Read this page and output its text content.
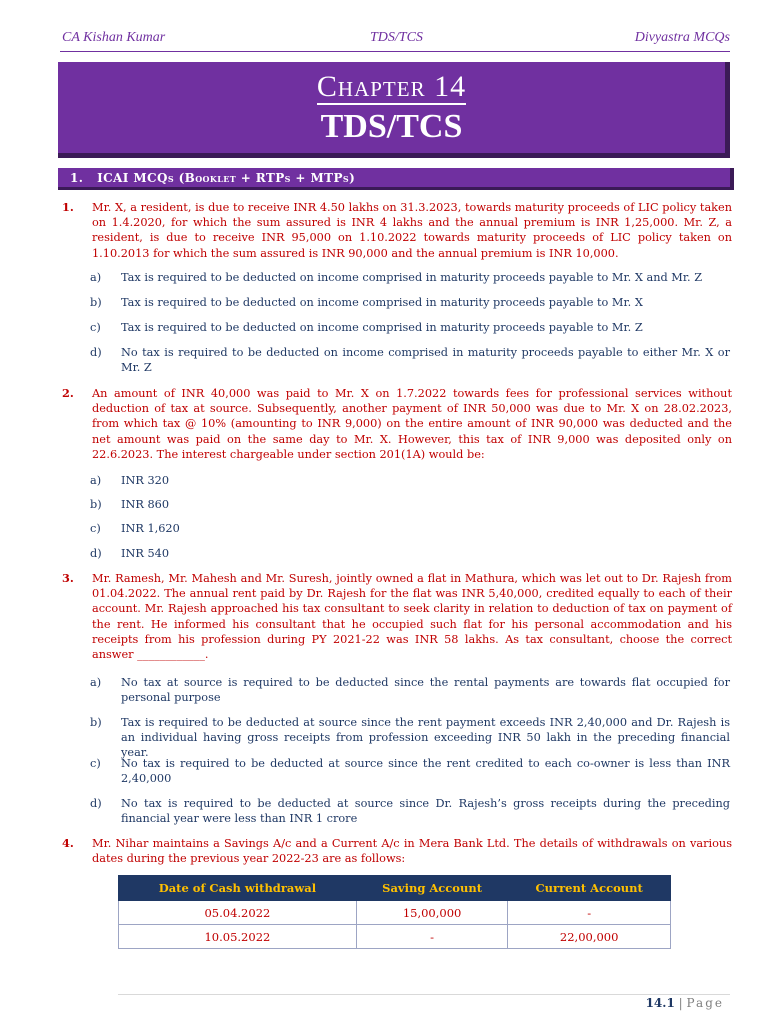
CA Kishan Kumar	TDS/TCS	Divyastra MCQs
Chapter 14
TDS/TCS
1. ICAI MCQs (Booklet + RTPs + MTPs)
1. Mr. X, a resident, is due to receive INR 4.50 lakhs on 31.3.2023, towards maturity proceeds of LIC policy taken on 1.4.2020, for which the sum assured is INR 4 lakhs and the annual premium is INR 1,25,000. Mr. Z, a resident, is due to receive INR 95,000 on 1.10.2022 towards maturity proceeds of LIC policy taken on 1.10.2013 for which the sum assured is INR 90,000 and the annual premium is INR 10,000.
a) Tax is required to be deducted on income comprised in maturity proceeds payable to Mr. X and Mr. Z
b) Tax is required to be deducted on income comprised in maturity proceeds payable to Mr. X
c) Tax is required to be deducted on income comprised in maturity proceeds payable to Mr. Z
d) No tax is required to be deducted on income comprised in maturity proceeds payable to either Mr. X or Mr. Z
2. An amount of INR 40,000 was paid to Mr. X on 1.7.2022 towards fees for professional services without deduction of tax at source. Subsequently, another payment of INR 50,000 was due to Mr. X on 28.02.2023, from which tax @ 10% (amounting to INR 9,000) on the entire amount of INR 90,000 was deducted and the net amount was paid on the same day to Mr. X. However, this tax of INR 9,000 was deposited only on 22.6.2023. The interest chargeable under section 201(1A) would be:
a) INR 320
b) INR 860
c) INR 1,620
d) INR 540
3. Mr. Ramesh, Mr. Mahesh and Mr. Suresh, jointly owned a flat in Mathura, which was let out to Dr. Rajesh from 01.04.2022. The annual rent paid by Dr. Rajesh for the flat was INR 5,40,000, credited equally to each of their account. Mr. Rajesh approached his tax consultant to seek clarity in relation to deduction of tax on payment of the rent. He informed his consultant that he occupied such flat for his personal accommodation and his receipts from his profession during PY 2021-22 was INR 58 lakhs. As tax consultant, choose the correct answer ____________.
a) No tax at source is required to be deducted since the rental payments are towards flat occupied for personal purpose
b) Tax is required to be deducted at source since the rent payment exceeds INR 2,40,000 and Dr. Rajesh is an individual having gross receipts from profession exceeding INR 50 lakh in the preceding financial year.
c) No tax is required to be deducted at source since the rent credited to each co-owner is less than INR 2,40,000
d) No tax is required to be deducted at source since Dr. Rajesh’s gross receipts during the preceding financial year were less than INR 1 crore
4. Mr. Nihar maintains a Savings A/c and a Current A/c in Mera Bank Ltd. The details of withdrawals on various dates during the previous year 2022-23 are as follows:
Date of Cash withdrawal	Saving Account	Current Account
05.04.2022	15,00,000	-
10.05.2022	-	22,00,000
14.1 | Page
